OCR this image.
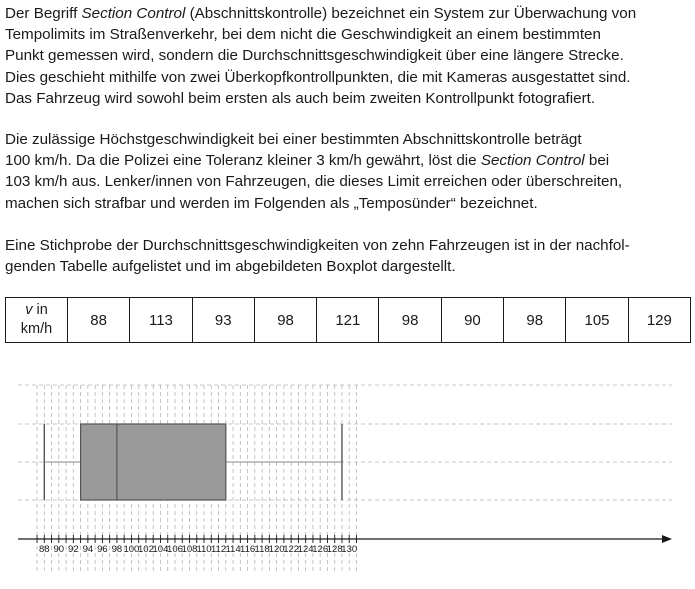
Der Begriff Section Control (Abschnittskontrolle) bezeichnet ein System zur Überwachung von
Tempolimits im Straßenverkehr, bei dem nicht die Geschwindigkeit an einem bestimmten
Punkt gemessen wird, sondern die Durchschnittsgeschwindigkeit über eine längere Strecke.
Dies geschieht mithilfe von zwei Überkopfkontrollpunkten, die mit Kameras ausgestattet sind.
Das Fahrzeug wird sowohl beim ersten als auch beim zweiten Kontrollpunkt fotografiert.

Die zulässige Höchstgeschwindigkeit bei einer bestimmten Abschnittskontrolle beträgt
100 km/h. Da die Polizei eine Toleranz kleiner 3 km/h gewährt, löst die Section Control bei
103 km/h aus. Lenker/innen von Fahrzeugen, die dieses Limit erreichen oder überschreiten,
machen sich strafbar und werden im Folgenden als „Temposünder“ bezeichnet.

Eine Stichprobe der Durchschnittsgeschwindigkeiten von zehn Fahrzeugen ist in der nachfol-
genden Tabelle aufgelistet und im abgebildeten Boxplot dargestellt.

v in
km/h	88	113	93	98	121	98	90	98	105	129
88 90 92 94 96 98 100
102
104
106
108 110 112 114 116 118 120
122
124
126
128
130
